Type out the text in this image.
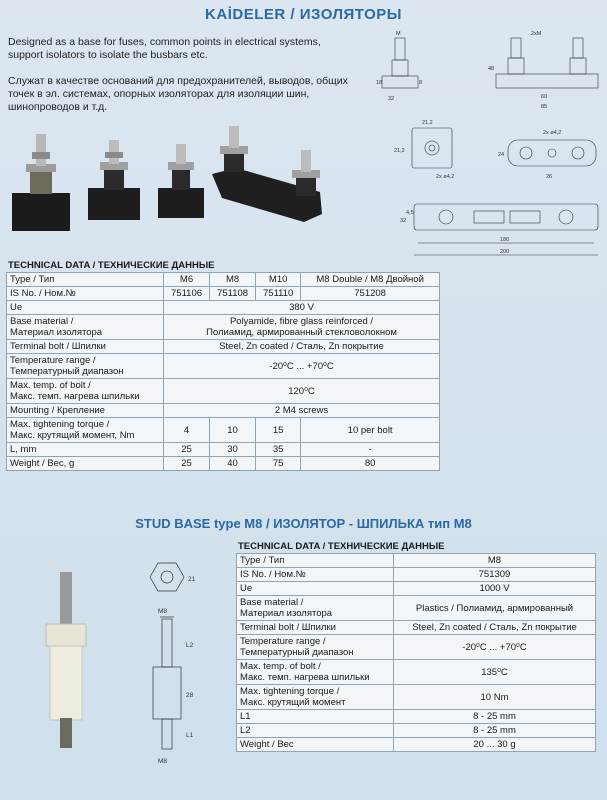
KAİDELER / ИЗОЛЯТОРЫ
Designed as a base for fuses, common points in electrical systems, support isolators to isolate the busbars etc.
Служат в качестве оснований для предохранителей, выводов, общих точек в эл. системах, опорных изоляторах для изоляции шин, шинопроводов и т.д.
M
32
18	8
2xM
48
60
85
21,2
21,2
2x ø4,2
2x ø4,2
24
26
32
4,5
180
200
TECHNICAL DATA / ТЕХНИЧЕСКИЕ ДАННЫЕ
Type / Тип	M6	M8	M10	M8 Double / M8 Двойной
IS No. / Ном.№	751106	751108	751110	751208
Ue	380 V			
Base material /
Материал изолятора	Polyamide, fibre glass reinforced /
Полиамид, армированный стекловолокном			
Terminal bolt / Шпилки	Steel, Zn coated / Сталь, Zn покрытие			
Temperature range /
Температурный диапазон	-20⁰C ... +70⁰C			
Max. temp. of bolt /
Макс. темп. нагрева шпильки	120⁰C			
Mounting / Крепление	2 M4 screws			
Max. tightening torque /
Макс. крутящий момент, Nm	4	10	15	10 per bolt
L, mm	25	30	35	-
Weight / Вес, g	25	40	75	80
STUD BASE type M8 / ИЗОЛЯТОР - ШПИЛЬКА тип M8
21
M8
L2
28
L1
M8
TECHNICAL DATA / ТЕХНИЧЕСКИЕ ДАННЫЕ
Type / Тип	M8
IS No. / Ном.№	751309
Ue	1000 V
Base material /
Материал изолятора	Plastics / Полиамид, армированный
Terminal bolt / Шпилки	Steel, Zn coated / Сталь, Zn покрытие
Temperature range /
Температурный диапазон	-20⁰C ... +70⁰C
Max. temp. of bolt /
Макс. темп. нагрева шпильки	135⁰C
Max. tightening torque /
Макс. крутящий момент	10 Nm
L1	8 - 25 mm
L2	8 - 25 mm
Weight / Вес	20 ... 30 g
